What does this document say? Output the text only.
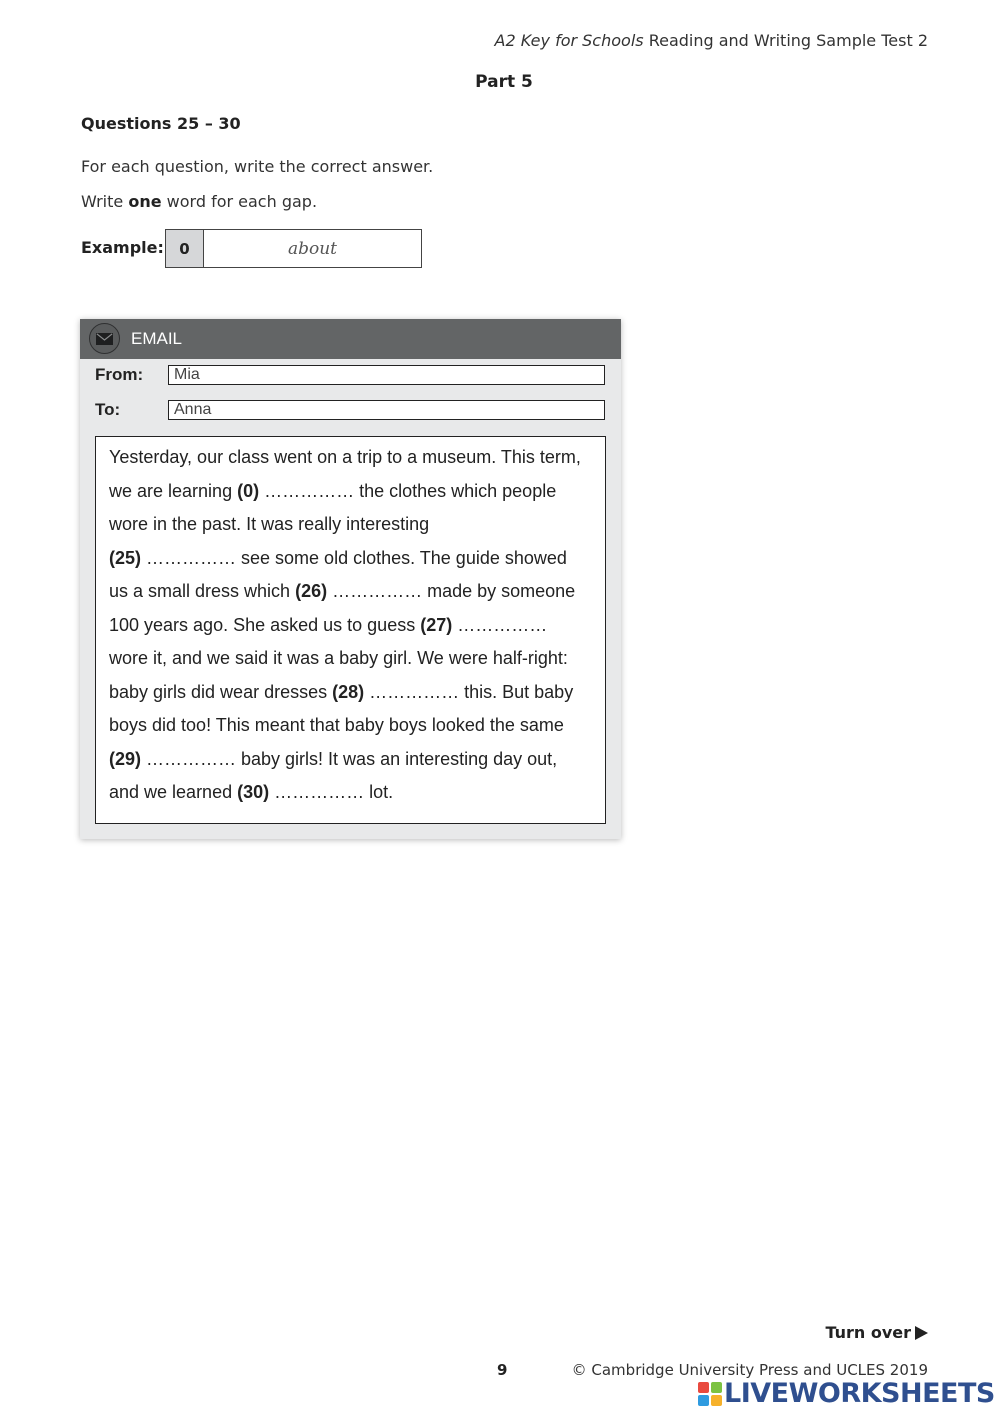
A2 Key for Schools Reading and Writing Sample Test 2
Part 5
Questions 25 – 30
For each question, write the correct answer.
Write one word for each gap.
Example:	0	about
EMAIL
From:	Mia
To:	Anna
Yesterday, our class went on a trip to a museum. This term,
we are learning (0) …………… the clothes which people
wore in the past. It was really interesting
(25) …………… see some old clothes. The guide showed
us a small dress which (26) …………… made by someone
100 years ago. She asked us to guess (27) ……………
wore it, and we said it was a baby girl. We were half-right:
baby girls did wear dresses (28) …………… this. But baby
boys did too! This meant that baby boys looked the same
(29) …………… baby girls! It was an interesting day out,
and we learned (30) …………… lot.
Turn over
9	© Cambridge University Press and UCLES 2019
LIVEWORKSHEETS
